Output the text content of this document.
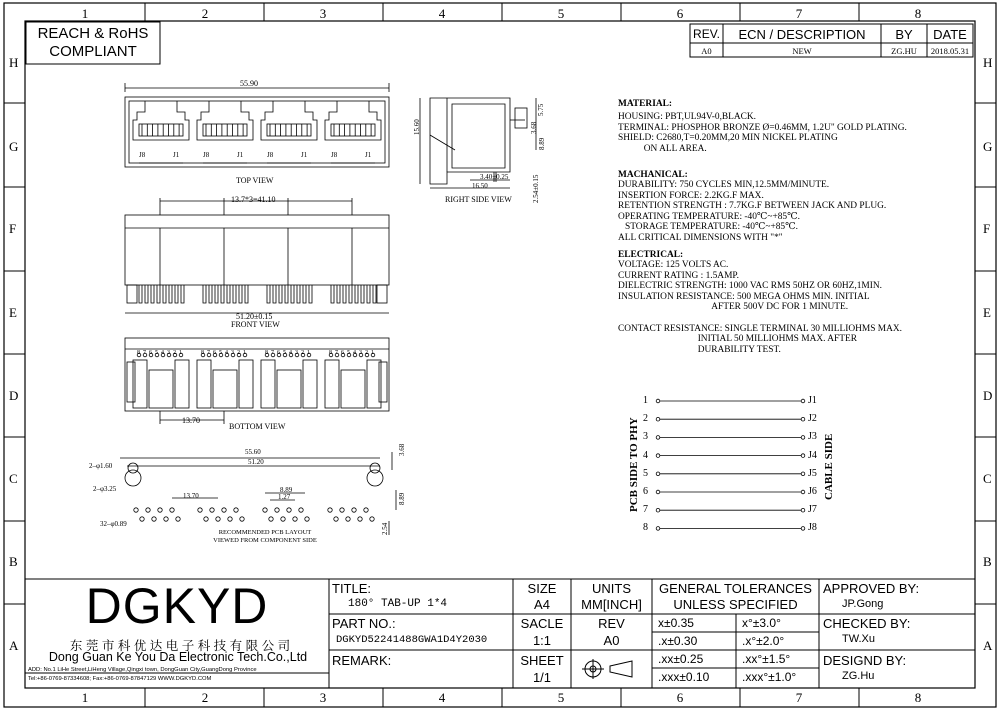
1	2	3	4	5	6	7	8
1	2	3	4	5	6	7	8
H
G
F
E
D
C
B
A
H
G
F
E
D
C
B
A
REACH & RoHS
COMPLIANT
REV.	ECN / DESCRIPTION	BY	DATE
A0	NEW	ZG.HU	2018.05.31
55.90
TOP VIEW
J8	J1	J8	J1	J8	J1	J8	J1
15.60
5.75
3.68
8.89
3.40±0.25
16.50	2.54±0.15
RIGHT SIDE VIEW
13.7*3=41.10
51.20±0.15
FRONT VIEW
8 7 6 5 4 3 2 1	8 7 6 5 4 3 2 1	8 7 6 5 4 3 2 1	8 7 6 5 4 3 2 1
13.70
BOTTOM VIEW
55.60
51.20
3.68
13.70
8.89
1.27	8.89
2.54
2–φ1.60
2–φ3.25
32–φ0.89
RECOMMENDED PCB LAYOUT
VIEWED FROM COMPONENT SIDE
MATERIAL:
HOUSING: PBT,UL94V-0,BLACK.
TERMINAL: PHOSPHOR BRONZE Ø=0.46MM, 1.2U" GOLD PLATING.
SHIELD: C2680,T=0.20MM,20 MIN NICKEL PLATING
ON ALL AREA.
MACHANICAL:
DURABILITY: 750 CYCLES MIN,12.5MM/MINUTE.
INSERTION FORCE: 2.2KG.F MAX.
RETENTION STRENGTH : 7.7KG.F BETWEEN JACK AND PLUG.
OPERATING TEMPERATURE: -40℃~+85℃.
STORAGE TEMPERATURE: -40℃~+85℃.
ALL CRITICAL DIMENSIONS WITH "*"
ELECTRICAL:
VOLTAGE: 125 VOLTS AC.
CURRENT RATING : 1.5AMP.
DIELECTRIC STRENGTH: 1000 VAC RMS 50HZ OR 60HZ,1MIN.
INSULATION RESISTANCE: 500 MEGA OHMS MIN. INITIAL
AFTER 500V DC FOR 1 MINUTE.
CONTACT RESISTANCE: SINGLE TERMINAL 30 MILLIOHMS MAX.
INITIAL 50 MILLIOHMS MAX. AFTER
DURABILITY TEST.
1	J1
2	J2
3	J3
4	J4
5	J5
6	J6
7	J7
8	J8
PCB SIDE TO PHY	CABLE SIDE
DGKYD
东 莞 市 科 优 达 电 子 科 技 有 限 公 司
Dong Guan Ke You Da Electronic Tech.Co.,Ltd
ADD: No.1 LiHe Street,LiHeng Village,Qingxi town, DongGuan City,GuangDong Province
Tel:+86-0769-87334608; Fax:+86-0769-87847129 WWW.DGKYD.COM
TITLE:
180° TAB-UP 1*4
PART NO.:
DGKYD52241488GWA1D4Y2030
REMARK:
SIZE
A4
UNITS
MM[INCH]
SACLE
1:1
REV
A0
SHEET
1/1
GENERAL TOLERANCES
UNLESS SPECIFIED
x±0.35	x°±3.0°
.x±0.30	.x°±2.0°
.xx±0.25	.xx°±1.5°
.xxx±0.10	.xxx°±1.0°
APPROVED BY:
JP.Gong
CHECKED BY:
TW.Xu
DESIGND BY:
ZG.Hu
